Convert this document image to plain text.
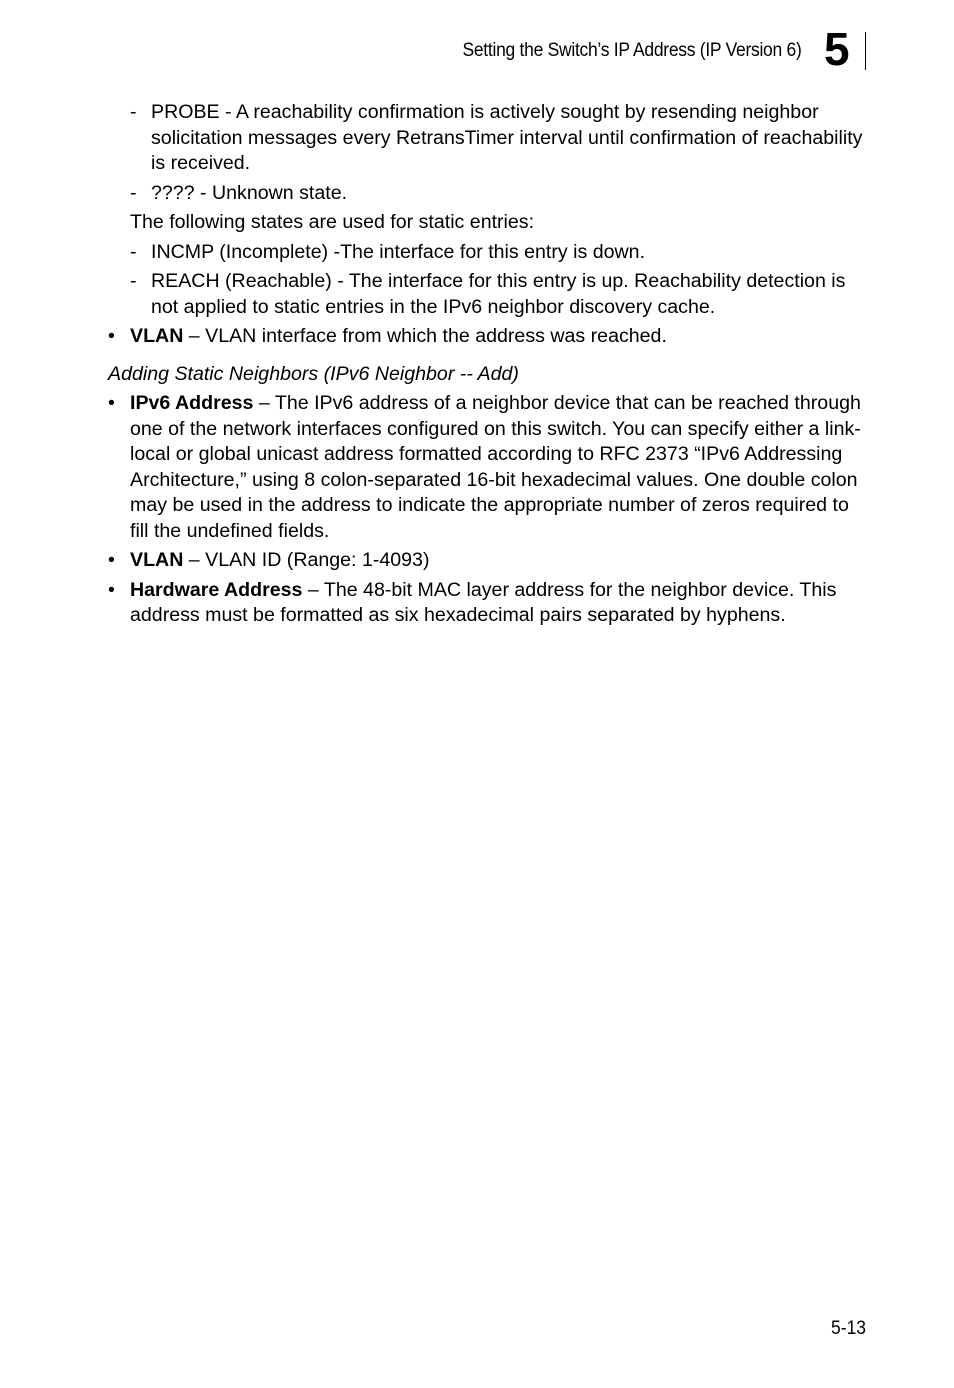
Setting the Switch’s IP Address (IP Version 6) 5
- PROBE - A reachability confirmation is actively sought by resending neighbor solicitation messages every RetransTimer interval until confirmation of reachability is received.
- ???? - Unknown state.
The following states are used for static entries:
- INCMP (Incomplete) -The interface for this entry is down.
- REACH (Reachable) - The interface for this entry is up. Reachability detection is not applied to static entries in the IPv6 neighbor discovery cache.
• VLAN – VLAN interface from which the address was reached.
Adding Static Neighbors (IPv6 Neighbor -- Add)
• IPv6 Address – The IPv6 address of a neighbor device that can be reached through one of the network interfaces configured on this switch. You can specify either a link-local or global unicast address formatted according to RFC 2373 “IPv6 Addressing Architecture,” using 8 colon-separated 16-bit hexadecimal values. One double colon may be used in the address to indicate the appropriate number of zeros required to fill the undefined fields.
• VLAN – VLAN ID (Range: 1-4093)
• Hardware Address – The 48-bit MAC layer address for the neighbor device. This address must be formatted as six hexadecimal pairs separated by hyphens.
5-13
